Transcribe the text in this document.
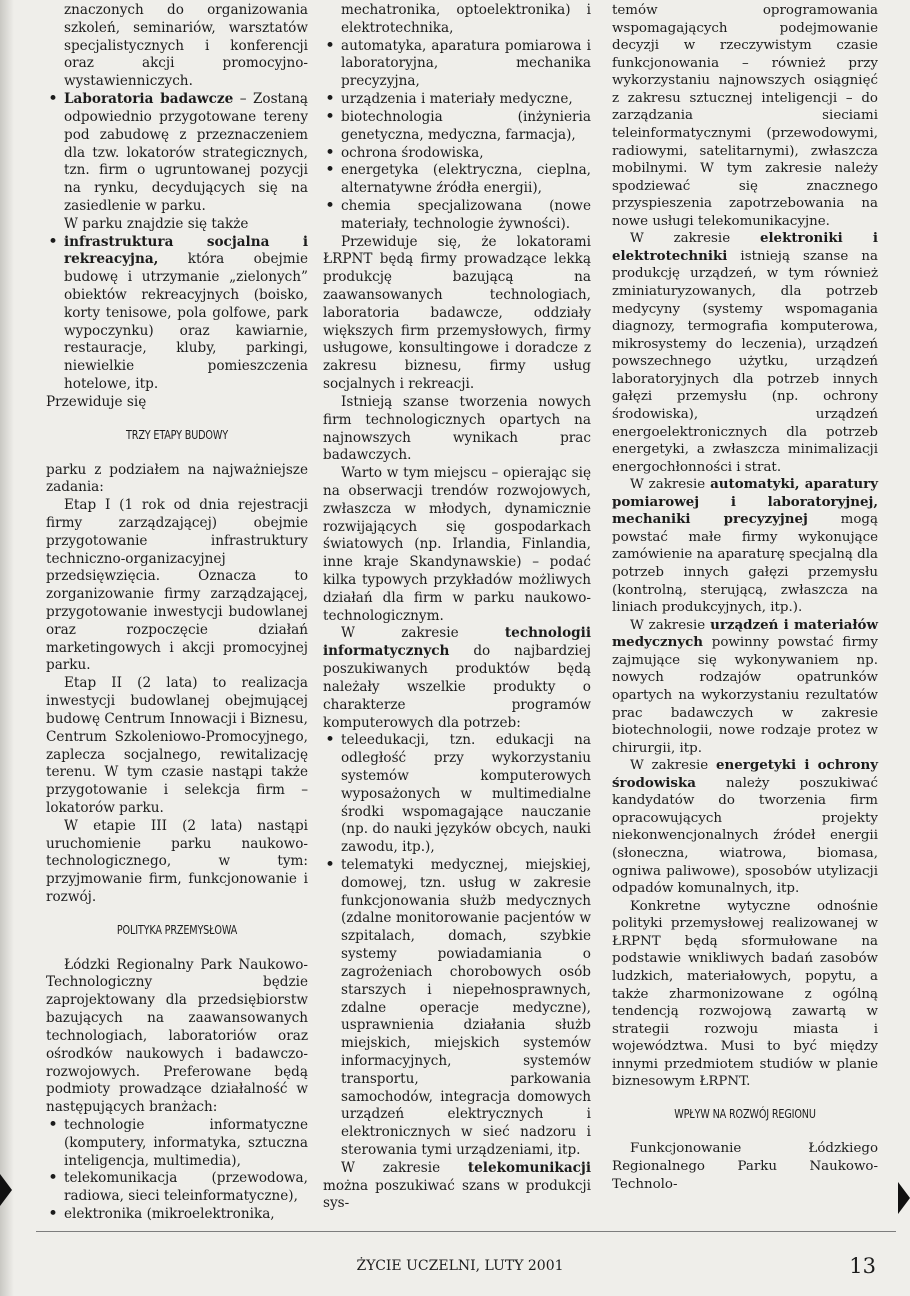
znaczonych do organizowania szkoleń, seminariów, warsztatów specjalistycznych i konferencji oraz akcji promocyjno-wystawienniczych.
• Laboratoria badawcze – Zostaną odpowiednio przygotowane tereny pod zabudowę z przeznaczeniem dla tzw. lokatorów strategicznych, tzn. firm o ugruntowanej pozycji na rynku, decydujących się na zasiedlenie w parku.

W parku znajdzie się także

• infrastruktura socjalna i rekreacyjna, która obejmie budowę i utrzymanie „zielonych” obiektów rekreacyjnych (boisko, korty tenisowe, pola golfowe, park wypoczynku) oraz kawiarnie, restauracje, kluby, parkingi, niewielkie pomieszczenia hotelowe, itp.

Przewiduje się

TRZY ETAPY BUDOWY

parku z podziałem na najważniejsze zadania:

Etap I (1 rok od dnia rejestracji firmy zarządzającej) obejmie przygotowanie infrastruktury techniczno-organizacyjnej przedsięwzięcia. Oznacza to zorganizowanie firmy zarządzającej, przygotowanie inwestycji budowlanej oraz rozpoczęcie działań marketingowych i akcji promocyjnej parku.

Etap II (2 lata) to realizacja inwestycji budowlanej obejmującej budowę Centrum Innowacji i Biznesu, Centrum Szkoleniowo-Promocyjnego, zaplecza socjalnego, rewitalizację terenu. W tym czasie nastąpi także przygotowanie i selekcja firm – lokatorów parku.

W etapie III (2 lata) nastąpi uruchomienie parku naukowo-technologicznego, w tym: przyjmowanie firm, funkcjonowanie i rozwój.

POLITYKA PRZEMYSŁOWA

Łódzki Regionalny Park Naukowo-Technologiczny będzie zaprojektowany dla przedsiębiorstw bazujących na zaawansowanych technologiach, laboratoriów oraz ośrodków naukowych i badawczo-rozwojowych. Preferowane będą podmioty prowadzące działalność w następujących branżach:

• technologie informatyczne (komputery, informatyka, sztuczna inteligencja, multimedia),
• telekomunikacja (przewodowa, radiowa, sieci teleinformatyczne),
• elektronika (mikroelektronika,
mechatronika, optoelektronika) i elektrotechnika,
• automatyka, aparatura pomiarowa i laboratoryjna, mechanika precyzyjna,
• urządzenia i materiały medyczne,
• biotechnologia (inżynieria genetyczna, medyczna, farmacja),
• ochrona środowiska,
• energetyka (elektryczna, cieplna, alternatywne źródła energii),
• chemia specjalizowana (nowe materiały, technologie żywności).

Przewiduje się, że lokatorami ŁRPNT będą firmy prowadzące lekką produkcję bazującą na zaawansowanych technologiach, laboratoria badawcze, oddziały większych firm przemysłowych, firmy usługowe, konsultingowe i doradcze z zakresu biznesu, firmy usług socjalnych i rekreacji.

Istnieją szanse tworzenia nowych firm technologicznych opartych na najnowszych wynikach prac badawczych.

Warto w tym miejscu – opierając się na obserwacji trendów rozwojowych, zwłaszcza w młodych, dynamicznie rozwijających się gospodarkach światowych (np. Irlandia, Finlandia, inne kraje Skandynawskie) – podać kilka typowych przykładów możliwych działań dla firm w parku naukowo-technologicznym.

W zakresie technologii informatycznych do najbardziej poszukiwanych produktów będą należały wszelkie produkty o charakterze programów komputerowych dla potrzeb:

• teleedukacji, tzn. edukacji na odległość przy wykorzystaniu systemów komputerowych wyposażonych w multimedialne środki wspomagające nauczanie (np. do nauki języków obcych, nauki zawodu, itp.),
• telematyki medycznej, miejskiej, domowej, tzn. usług w zakresie funkcjonowania służb medycznych (zdalne monitorowanie pacjentów w szpitalach, domach, szybkie systemy powiadamiania o zagrożeniach chorobowych osób starszych i niepełnosprawnych, zdalne operacje medyczne), usprawnienia działania służb miejskich, miejskich systemów informacyjnych, systemów transportu, parkowania samochodów, integracja domowych urządzeń elektrycznych i elektronicznych w sieć nadzoru i sterowania tymi urządzeniami, itp.

W zakresie telekomunikacji można poszukiwać szans w produkcji sys-

temów oprogramowania wspomagających podejmowanie decyzji w rzeczywistym czasie funkcjonowania – również przy wykorzystaniu najnowszych osiągnięć z zakresu sztucznej inteligencji – do zarządzania sieciami teleinformatycznymi (przewodowymi, radiowymi, satelitarnymi), zwłaszcza mobilnymi. W tym zakresie należy spodziewać się znacznego przyspieszenia zapotrzebowania na nowe usługi telekomunikacyjne.

W zakresie elektroniki i elektrotechniki istnieją szanse na produkcję urządzeń, w tym również zminiaturyzowanych, dla potrzeb medycyny (systemy wspomagania diagnozy, termografia komputerowa, mikrosystemy do leczenia), urządzeń powszechnego użytku, urządzeń laboratoryjnych dla potrzeb innych gałęzi przemysłu (np. ochrony środowiska), urządzeń energoelektronicznych dla potrzeb energetyki, a zwłaszcza minimalizacji energochłonności i strat.

W zakresie automatyki, aparatury pomiarowej i laboratoryjnej, mechaniki precyzyjnej mogą powstać małe firmy wykonujące zamówienie na aparaturę specjalną dla potrzeb innych gałęzi przemysłu (kontrolną, sterującą, zwłaszcza na liniach produkcyjnych, itp.).

W zakresie urządzeń i materiałów medycznych powinny powstać firmy zajmujące się wykonywaniem np. nowych rodzajów opatrunków opartych na wykorzystaniu rezultatów prac badawczych w zakresie biotechnologii, nowe rodzaje protez w chirurgii, itp.

W zakresie energetyki i ochrony środowiska należy poszukiwać kandydatów do tworzenia firm opracowujących projekty niekonwencjonalnych źródeł energii (słoneczna, wiatrowa, biomasa, ogniwa paliwowe), sposobów utylizacji odpadów komunalnych, itp.

Konkretne wytyczne odnośnie polityki przemysłowej realizowanej w ŁRPNT będą sformułowane na podstawie wnikliwych badań zasobów ludzkich, materiałowych, popytu, a także zharmonizowane z ogólną tendencją rozwojową zawartą w strategii rozwoju miasta i województwa. Musi to być między innymi przedmiotem studiów w planie biznesowym ŁRPNT.

WPŁYW NA ROZWÓJ REGIONU

Funkcjonowanie Łódzkiego Regionalnego Parku Naukowo-Technolo-

ŻYCIE UCZELNI, LUTY 2001	13
